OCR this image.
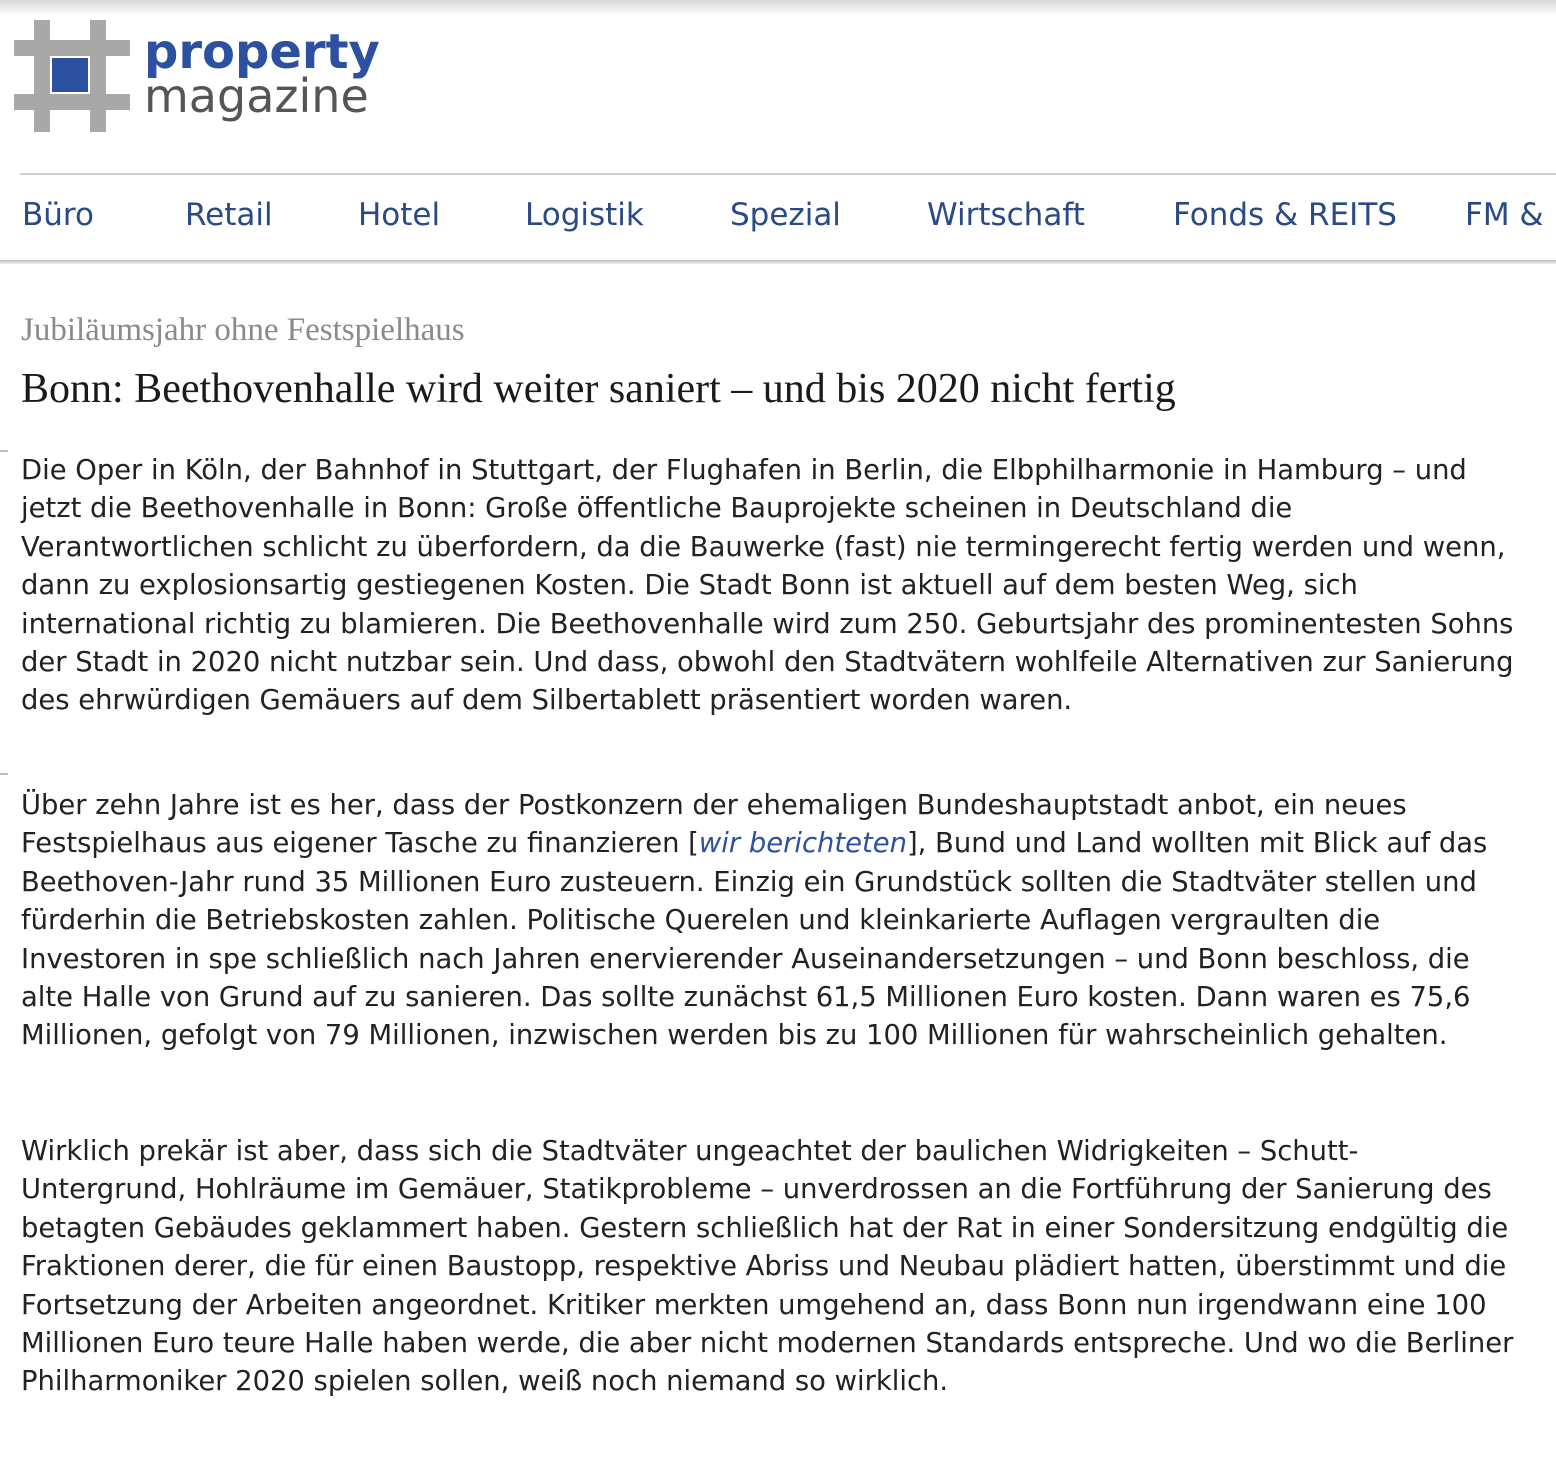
property
magazine
Büro	Retail	Hotel	Logistik	Spezial	Wirtschaft	Fonds & REITS FM &
Jubiläumsjahr ohne Festspielhaus
Bonn: Beethovenhalle wird weiter saniert – und bis 2020 nicht fertig

Die Oper in Köln, der Bahnhof in Stuttgart, der Flughafen in Berlin, die Elbphilharmonie in Hamburg – und jetzt die Beethovenhalle in Bonn: Große öffentliche Bauprojekte scheinen in Deutschland die Verantwortlichen schlicht zu überfordern, da die Bauwerke (fast) nie termingerecht fertig werden und wenn, dann zu explosionsartig gestiegenen Kosten. Die Stadt Bonn ist aktuell auf dem besten Weg, sich international richtig zu blamieren. Die Beethovenhalle wird zum 250. Geburtsjahr des prominentesten Sohns der Stadt in 2020 nicht nutzbar sein. Und dass, obwohl den Stadtvätern wohlfeile Alternativen zur Sanierung des ehrwürdigen Gemäuers auf dem Silbertablett präsentiert worden waren.

Über zehn Jahre ist es her, dass der Postkonzern der ehemaligen Bundeshauptstadt anbot, ein neues Festspielhaus aus eigener Tasche zu finanzieren [wir berichteten], Bund und Land wollten mit Blick auf das Beethoven-Jahr rund 35 Millionen Euro zusteuern. Einzig ein Grundstück sollten die Stadtväter stellen und fürderhin die Betriebskosten zahlen. Politische Querelen und kleinkarierte Auflagen vergraulten die Investoren in spe schließlich nach Jahren enervierender Auseinandersetzungen – und Bonn beschloss, die alte Halle von Grund auf zu sanieren. Das sollte zunächst 61,5 Millionen Euro kosten. Dann waren es 75,6 Millionen, gefolgt von 79 Millionen, inzwischen werden bis zu 100 Millionen für wahrscheinlich gehalten.

Wirklich prekär ist aber, dass sich die Stadtväter ungeachtet der baulichen Widrigkeiten – Schutt-Untergrund, Hohlräume im Gemäuer, Statikprobleme – unverdrossen an die Fortführung der Sanierung des betagten Gebäudes geklammert haben. Gestern schließlich hat der Rat in einer Sondersitzung endgültig die Fraktionen derer, die für einen Baustopp, respektive Abriss und Neubau plädiert hatten, überstimmt und die Fortsetzung der Arbeiten angeordnet. Kritiker merkten umgehend an, dass Bonn nun irgendwann eine 100 Millionen Euro teure Halle haben werde, die aber nicht modernen Standards entspreche. Und wo die Berliner Philharmoniker 2020 spielen sollen, weiß noch niemand so wirklich.
